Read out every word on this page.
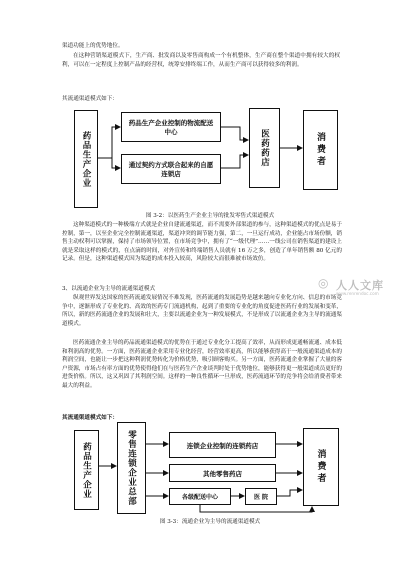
渠道功能上的优势地位。

在这种营销渠道模式下，生产商、批发商以及零售商构成一个有机整体，生产商在整个渠道中拥有较大的权利，可以在一定程度上控制产品的经营权，统筹安排终端工作，从而生产商可以获得较多的利润。

其流通渠道模式如下：

药品生产企业
药品生产企业控制的物流配送中心
通过契约方式联合起来的自愿连锁店
医药药店	消费者
图 3-2：以医药生产企业主导的批发零售式渠道模式

这种渠道模式的一种极端方式就是企业自建流通渠道，而不需要外部渠道的参与，这种渠道模式的优点是易于控制，第一，以至企业完全控制流通渠道，渠道冲突的调节能力强，第二，一旦运行成功，企业能占市场份额，销售主动权利可以掌握，保持了市场领导位置，在市场竞争中，拥有了“一级代理”……一线公司在销售渠道的建设上就是采取这样的模式的，在点滴的时间，对外宣传和终端销售人员就有 16 万之多，创造了单年销售额 80 亿元的记录。但是，这种渠道模式因为渠道的成本投入较高，风险较大而很难被市场效仿。

3、以流通企业为主导的流通渠道模式

纵观世界发达国家的医药流通发展情况不难发现，医药流通的发展趋势是越来越向专业化方向、信息的市场竞争中，逐渐形成了专业化的、高效的医药专门流通机构，起到了重要的专业化的角度促进医药行业的发展和变革，所以，新的医药流通企业的发展和壮大，主要以流通企业为一种发展模式，不是形成了以流通企业为主导的流通渠道模式。

医药流通企业主导的药品流通渠道模式的优势在于通过专业化分工提高了效率，从而形成更通畅流通、成本低和利润高的优势。一方面，医药流通企业采用专业化经营，经营效率更高，所以能够获得高于一般流通渠道成本的利润空间，也能让一步把这种利润优势转化为价格优势，吸引顾客购买。另一方面，医药流通企业掌握了大量的客户资源，市场占有率方面的优势使得他们在与医药生产企业谈判时处于优势地位，能够获得更一般渠道成员更好的进货价格。所以，这又巩固了其利润空间。这样的一种良性循环一旦形成，医药流通环节的竞争将会给消费者带来最大的利益。

其流通渠道模式如下：

药品生产企业	零售连锁企业总部	连锁企业控制的连锁药店
其他零售药店
各级配送中心	医 院
消费者
图 3-3：流通企业为主导的流通渠道模式
人人文库
www.renrendoc.com
◎
